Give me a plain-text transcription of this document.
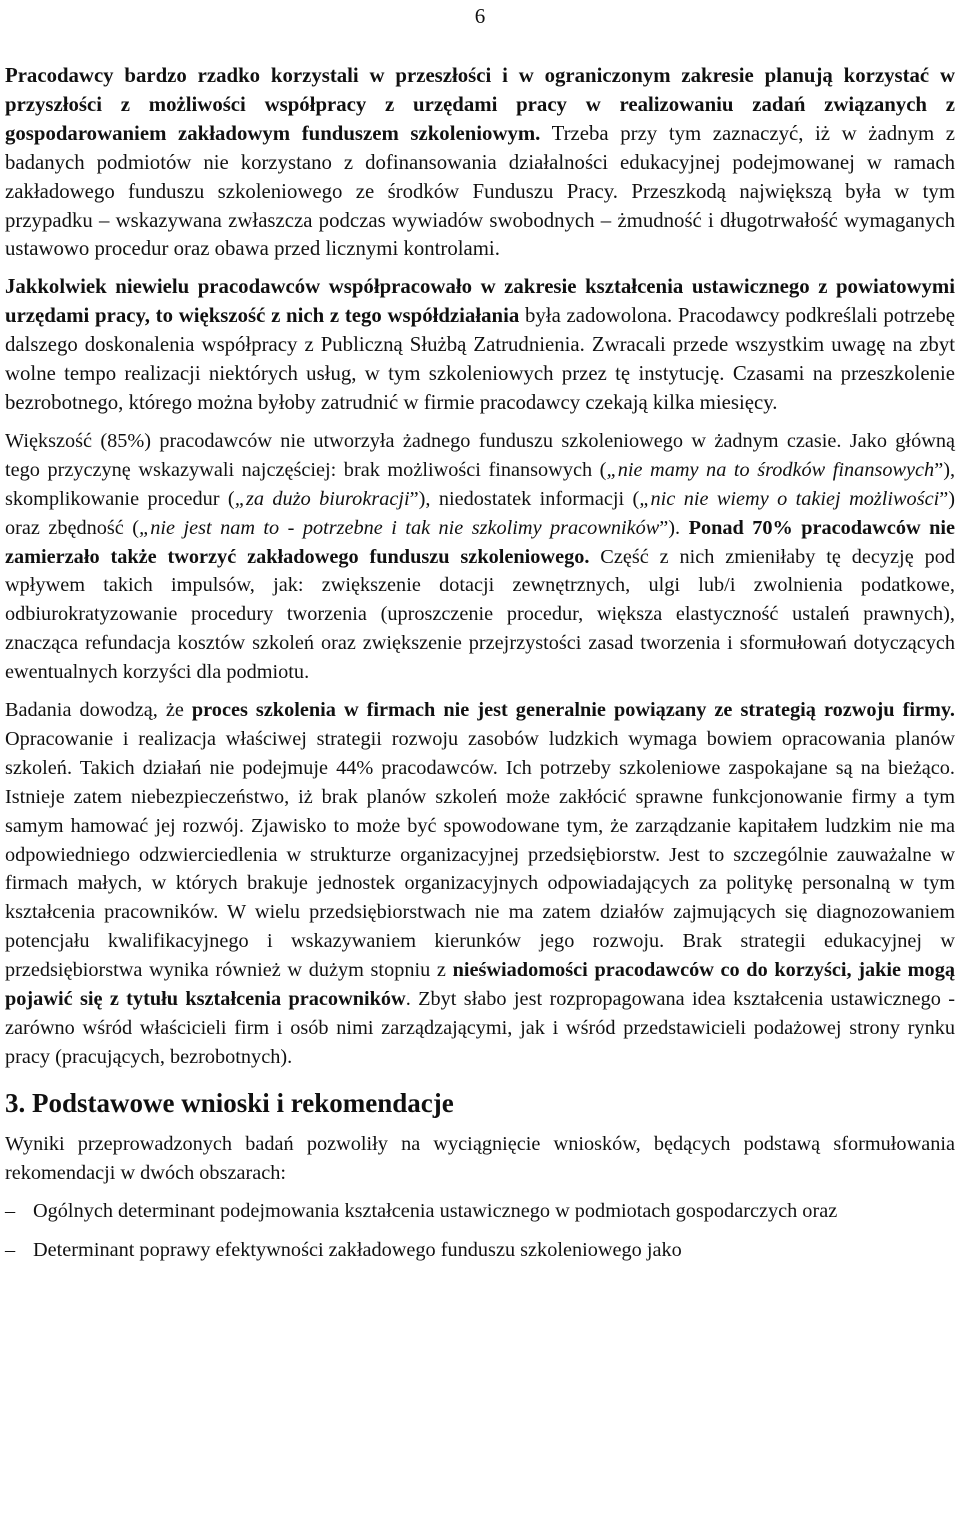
6

Pracodawcy bardzo rzadko korzystali w przeszłości i w ograniczonym zakresie planują korzystać w przyszłości z możliwości współpracy z urzędami pracy w realizowaniu zadań związanych z gospodarowaniem zakładowym funduszem szkoleniowym. Trzeba przy tym zaznaczyć, iż w żadnym z badanych podmiotów nie korzystano z dofinansowania działalności edukacyjnej podejmowanej w ramach zakładowego funduszu szkoleniowego ze środków Funduszu Pracy. Przeszkodą największą była w tym przypadku – wskazywana zwłaszcza podczas wywiadów swobodnych – żmudność i długotrwałość wymaganych ustawowo procedur oraz obawa przed licznymi kontrolami.

Jakkolwiek niewielu pracodawców współpracowało w zakresie kształcenia ustawicznego z powiatowymi urzędami pracy, to większość z nich z tego współdziałania była zadowolona. Pracodawcy podkreślali potrzebę dalszego doskonalenia współpracy z Publiczną Służbą Zatrudnienia. Zwracali przede wszystkim uwagę na zbyt wolne tempo realizacji niektórych usług, w tym szkoleniowych przez tę instytucję. Czasami na przeszkolenie bezrobotnego, którego można byłoby zatrudnić w firmie pracodawcy czekają kilka miesięcy.

Większość (85%) pracodawców nie utworzyła żadnego funduszu szkoleniowego w żadnym czasie. Jako główną tego przyczynę wskazywali najczęściej: brak możliwości finansowych („nie mamy na to środków finansowych”), skomplikowanie procedur („za dużo biurokracji”), niedostatek informacji („nic nie wiemy o takiej możliwości”) oraz zbędność („nie jest nam to - potrzebne i tak nie szkolimy pracowników”). Ponad 70% pracodawców nie zamierzało także tworzyć zakładowego funduszu szkoleniowego. Część z nich zmieniłaby tę decyzję pod wpływem takich impulsów, jak: zwiększenie dotacji zewnętrznych, ulgi lub/i zwolnienia podatkowe, odbiurokratyzowanie procedury tworzenia (uproszczenie procedur, większa elastyczność ustaleń prawnych), znacząca refundacja kosztów szkoleń oraz zwiększenie przejrzystości zasad tworzenia i sformułowań dotyczących ewentualnych korzyści dla podmiotu.

Badania dowodzą, że proces szkolenia w firmach nie jest generalnie powiązany ze strategią rozwoju firmy. Opracowanie i realizacja właściwej strategii rozwoju zasobów ludzkich wymaga bowiem opracowania planów szkoleń. Takich działań nie podejmuje 44% pracodawców. Ich potrzeby szkoleniowe zaspokajane są na bieżąco. Istnieje zatem niebezpieczeństwo, iż brak planów szkoleń może zakłócić sprawne funkcjonowanie firmy a tym samym hamować jej rozwój. Zjawisko to może być spowodowane tym, że zarządzanie kapitałem ludzkim nie ma odpowiedniego odzwierciedlenia w strukturze organizacyjnej przedsiębiorstw. Jest to szczególnie zauważalne w firmach małych, w których brakuje jednostek organizacyjnych odpowiadających za politykę personalną w tym kształcenia pracowników. W wielu przedsiębiorstwach nie ma zatem działów zajmujących się diagnozowaniem potencjału kwalifikacyjnego i wskazywaniem kierunków jego rozwoju. Brak strategii edukacyjnej w przedsiębiorstwa wynika również w dużym stopniu z nieświadomości pracodawców co do korzyści, jakie mogą pojawić się z tytułu kształcenia pracowników. Zbyt słabo jest rozpropagowana idea kształcenia ustawicznego - zarówno wśród właścicieli firm i osób nimi zarządzającymi, jak i wśród przedstawicieli podażowej strony rynku pracy (pracujących, bezrobotnych).

3. Podstawowe wnioski i rekomendacje

Wyniki przeprowadzonych badań pozwoliły na wyciągnięcie wniosków, będących podstawą sformułowania rekomendacji w dwóch obszarach:

– Ogólnych determinant podejmowania kształcenia ustawicznego w podmiotach gospodarczych oraz
– Determinant poprawy efektywności zakładowego funduszu szkoleniowego jako
